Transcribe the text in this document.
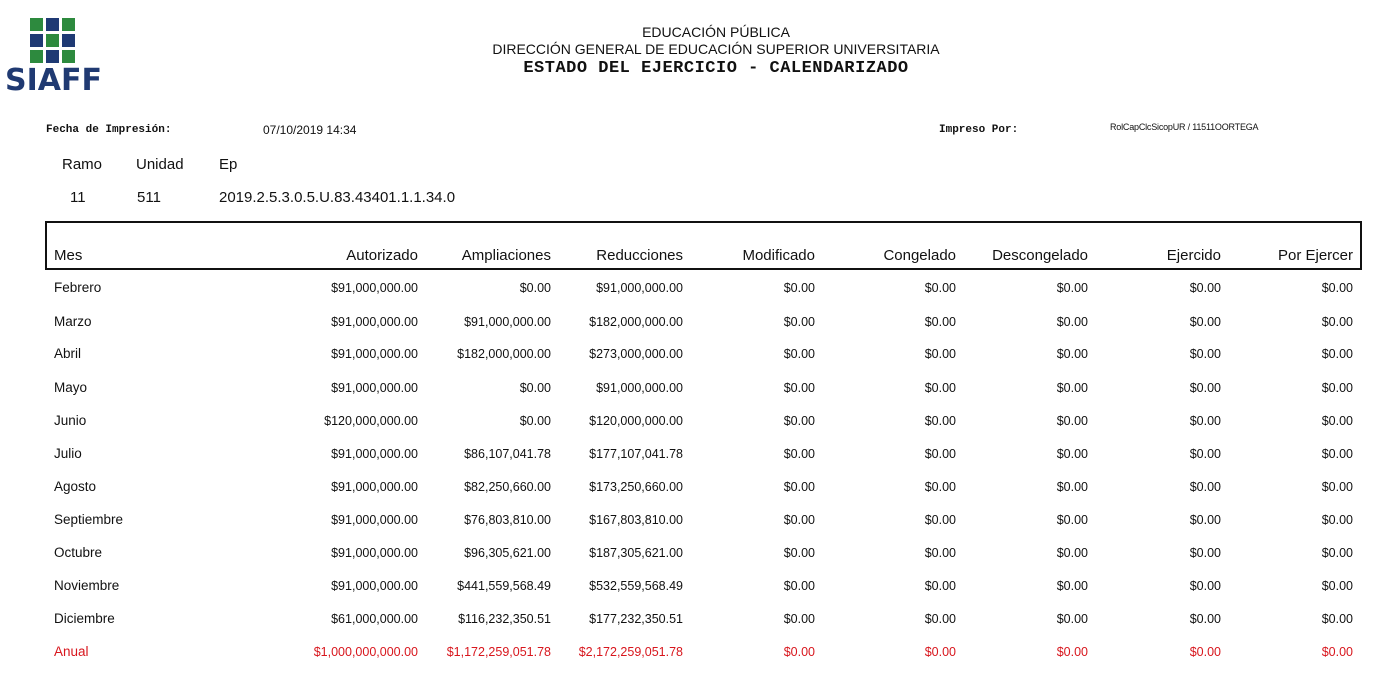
SIAFF
EDUCACIÓN PÚBLICA
DIRECCIÓN GENERAL DE EDUCACIÓN SUPERIOR UNIVERSITARIA
ESTADO DEL EJERCICIO - CALENDARIZADO
Fecha de Impresión:	07/10/2019 14:34	Impreso Por:	RolCapClcSicopUR / 11511OORTEGA
Ramo Unidad Ep
11	511	2019.2.5.3.0.5.U.83.43401.1.1.34.0
Mes	Autorizado	Ampliaciones	Reducciones	Modificado	Congelado Descongelado	Ejercido	Por Ejercer
Febrero	$91,000,000.00	$0.00	$91,000,000.00	$0.00	$0.00	$0.00	$0.00	$0.00
Marzo	$91,000,000.00	$91,000,000.00	$182,000,000.00	$0.00	$0.00	$0.00	$0.00	$0.00
Abril	$91,000,000.00	$182,000,000.00	$273,000,000.00	$0.00	$0.00	$0.00	$0.00	$0.00
Mayo	$91,000,000.00	$0.00	$91,000,000.00	$0.00	$0.00	$0.00	$0.00	$0.00
Junio	$120,000,000.00	$0.00	$120,000,000.00	$0.00	$0.00	$0.00	$0.00	$0.00
Julio	$91,000,000.00	$86,107,041.78	$177,107,041.78	$0.00	$0.00	$0.00	$0.00	$0.00
Agosto	$91,000,000.00	$82,250,660.00	$173,250,660.00	$0.00	$0.00	$0.00	$0.00	$0.00
Septiembre	$91,000,000.00	$76,803,810.00	$167,803,810.00	$0.00	$0.00	$0.00	$0.00	$0.00
Octubre	$91,000,000.00	$96,305,621.00	$187,305,621.00	$0.00	$0.00	$0.00	$0.00	$0.00
Noviembre	$91,000,000.00	$441,559,568.49	$532,559,568.49	$0.00	$0.00	$0.00	$0.00	$0.00
Diciembre	$61,000,000.00	$116,232,350.51	$177,232,350.51	$0.00	$0.00	$0.00	$0.00	$0.00
Anual	$1,000,000,000.00 $1,172,259,051.78 $2,172,259,051.78	$0.00	$0.00	$0.00	$0.00	$0.00
